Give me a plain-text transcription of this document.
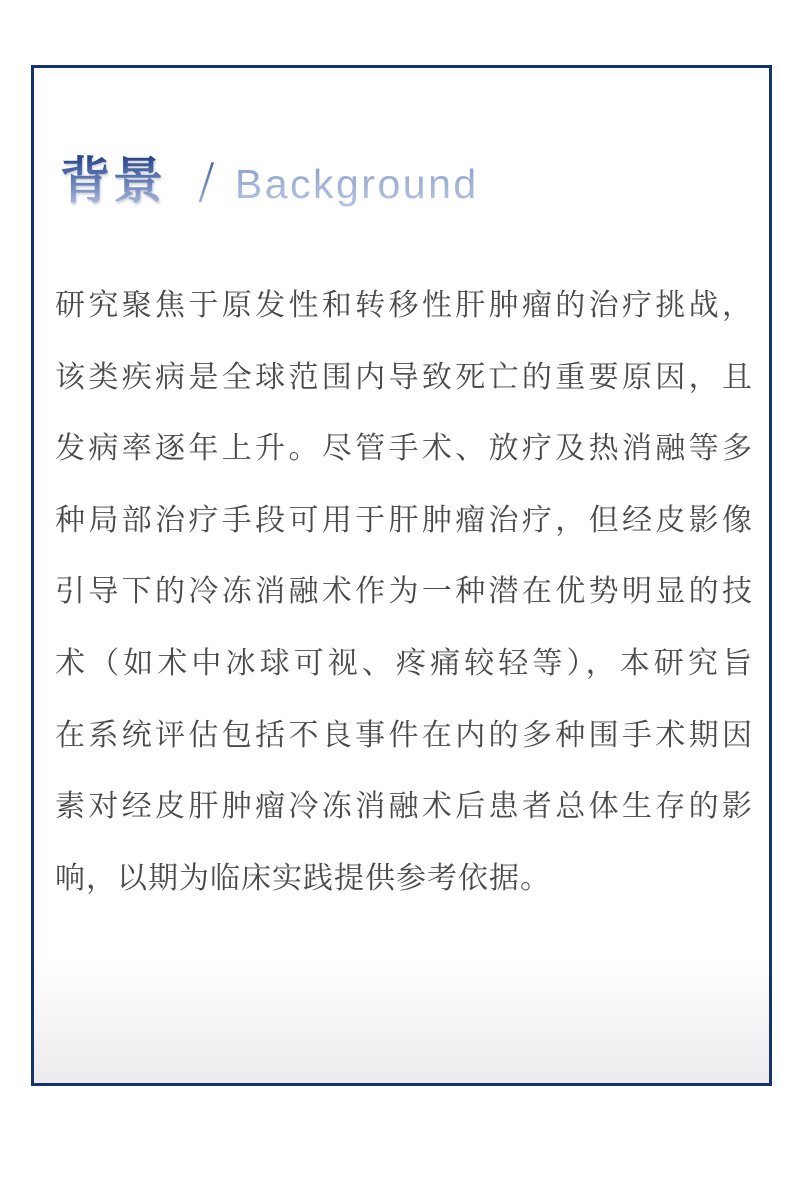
背景 / Background
研究聚焦于原发性和转移性肝肿瘤的治疗挑战，
该类疾病是全球范围内导致死亡的重要原因，且
发病率逐年上升。尽管手术、放疗及热消融等多
种局部治疗手段可用于肝肿瘤治疗，但经皮影像
引导下的冷冻消融术作为一种潜在优势明显的技
术（如术中冰球可视、疼痛较轻等），本研究旨
在系统评估包括不良事件在内的多种围手术期因
素对经皮肝肿瘤冷冻消融术后患者总体生存的影
响，以期为临床实践提供参考依据。
